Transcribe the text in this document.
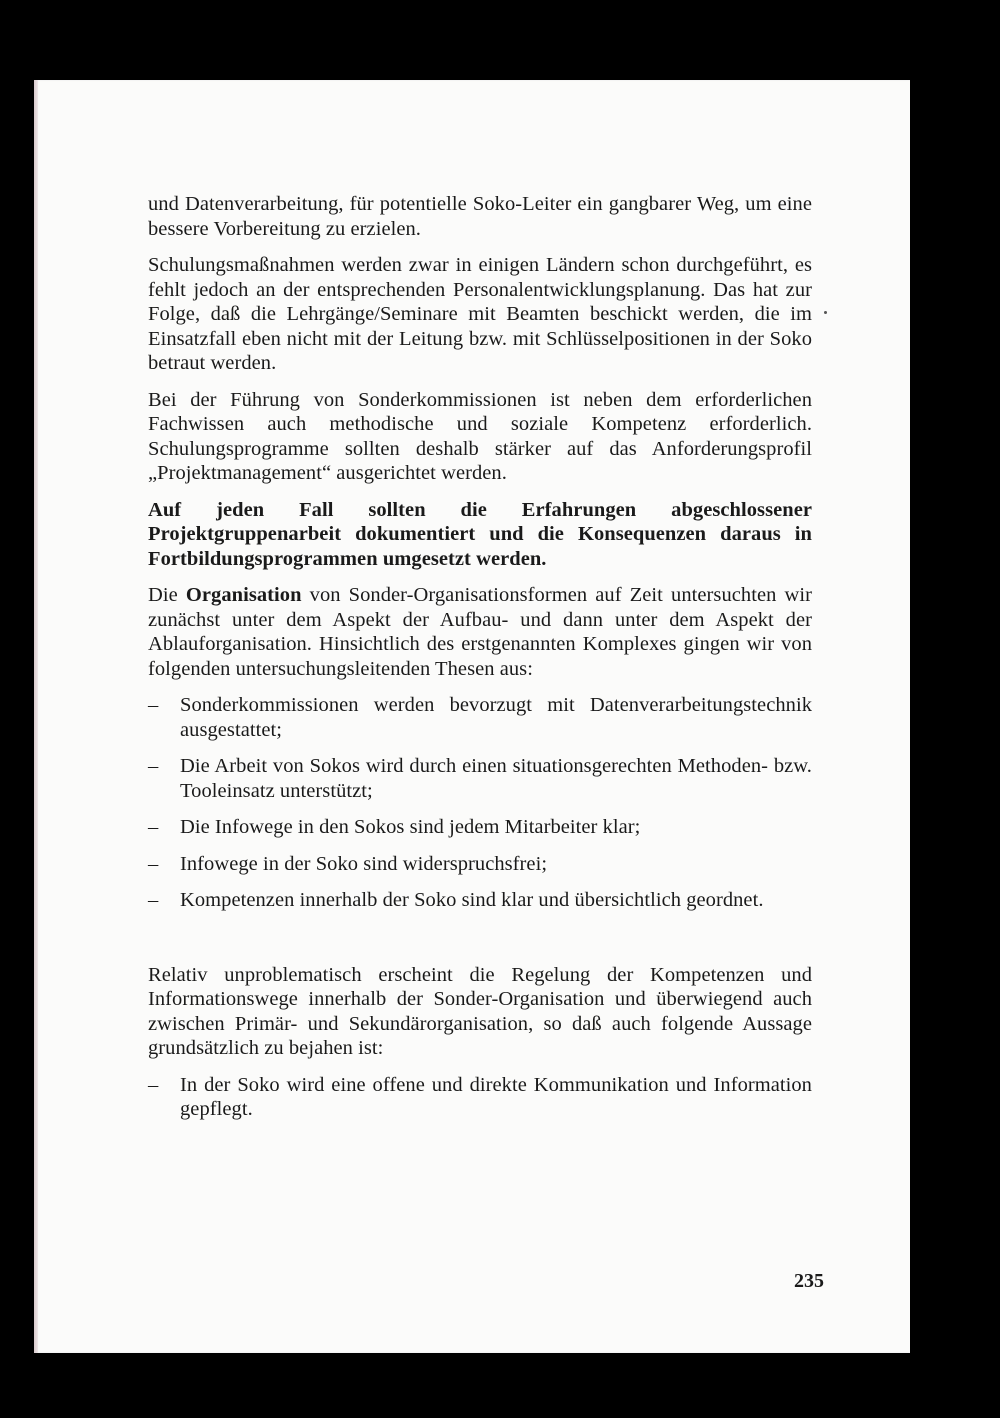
und Datenverarbeitung, für potentielle Soko-Leiter ein gangbarer Weg, um eine bessere Vorbereitung zu erzielen.

Schulungsmaßnahmen werden zwar in einigen Ländern schon durchgeführt, es fehlt jedoch an der entsprechenden Personalentwicklungsplanung. Das hat zur Folge, daß die Lehrgänge/Seminare mit Beamten beschickt werden, die im Einsatzfall eben nicht mit der Leitung bzw. mit Schlüsselpositionen in der Soko betraut werden.

Bei der Führung von Sonderkommissionen ist neben dem erforderlichen Fachwissen auch methodische und soziale Kompetenz erforderlich. Schulungsprogramme sollten deshalb stärker auf das Anforderungsprofil „Projektmanagement“ ausgerichtet werden.

Auf jeden Fall sollten die Erfahrungen abgeschlossener Projektgruppenarbeit dokumentiert und die Konsequenzen daraus in Fortbildungsprogrammen umgesetzt werden.

Die Organisation von Sonder-Organisationsformen auf Zeit untersuchten wir zunächst unter dem Aspekt der Aufbau- und dann unter dem Aspekt der Ablauforganisation. Hinsichtlich des erstgenannten Komplexes gingen wir von folgenden untersuchungsleitenden Thesen aus:

–	Sonderkommissionen werden bevorzugt mit Datenverarbeitungstechnik ausgestattet;
–	Die Arbeit von Sokos wird durch einen situationsgerechten Methoden- bzw. Tooleinsatz unterstützt;
–	Die Infowege in den Sokos sind jedem Mitarbeiter klar;
–	Infowege in der Soko sind widerspruchsfrei;
–	Kompetenzen innerhalb der Soko sind klar und übersichtlich geordnet.

Relativ unproblematisch erscheint die Regelung der Kompetenzen und Informationswege innerhalb der Sonder-Organisation und überwiegend auch zwischen Primär- und Sekundärorganisation, so daß auch folgende Aussage grundsätzlich zu bejahen ist:

–	In der Soko wird eine offene und direkte Kommunikation und Information gepflegt.
235
